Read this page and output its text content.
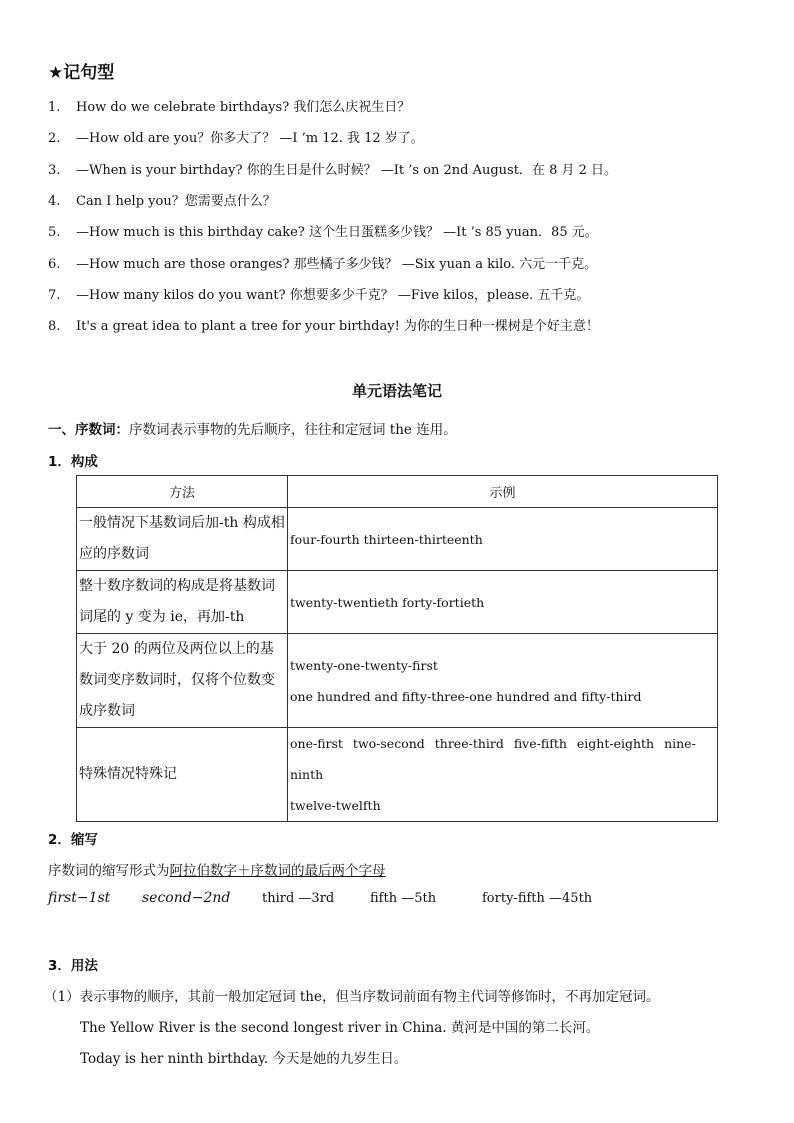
★记句型
1. How do we celebrate birthdays? 我们怎么庆祝生日？
2. —How old are you？你多大了？ —I ’m 12. 我 12 岁了。
3. —When is your birthday? 你的生日是什么时候？ —It ’s on 2nd August．在 8 月 2 日。
4. Can I help you？您需要点什么？
5. —How much is this birthday cake? 这个生日蛋糕多少钱？ —It ’s 85 yuan．85 元。
6. —How much are those oranges? 那些橘子多少钱？ —Six yuan a kilo. 六元一千克。
7. —How many kilos do you want? 你想要多少千克？ —Five kilos，please. 五千克。
8. It's a great idea to plant a tree for your birthday! 为你的生日种一棵树是个好主意！
单元语法笔记
一、序数词：序数词表示事物的先后顺序，往往和定冠词 the 连用。
1．构成
方法	示例
一般情况下基数词后加-th 构成相应的序数词	four-fourth thirteen-thirteenth

整十数序数词的构成是将基数词词尾的 y 变为 ie，再加-th	twenty-twentieth forty-fortieth

大于 20 的两位及两位以上的基数词变序数词时，仅将个位数变成序数词	twenty-one-twenty-first
one hundred and fifty-three-one hundred and fifty-third

特殊情况特殊记	one-first two-second three-third five-fifth eight-eighth nine-ninth
twelve-twelfth
2．缩写
序数词的缩写形式为阿拉伯数字＋序数词的最后两个字母
first−1st second−2nd third —3rd	fifth —5th	forty-fifth —45th
3．用法
（1）表示事物的顺序，其前一般加定冠词 the，但当序数词前面有物主代词等修饰时，不再加定冠词。
The Yellow River is the second longest river in China. 黄河是中国的第二长河。
Today is her ninth birthday. 今天是她的九岁生日。
